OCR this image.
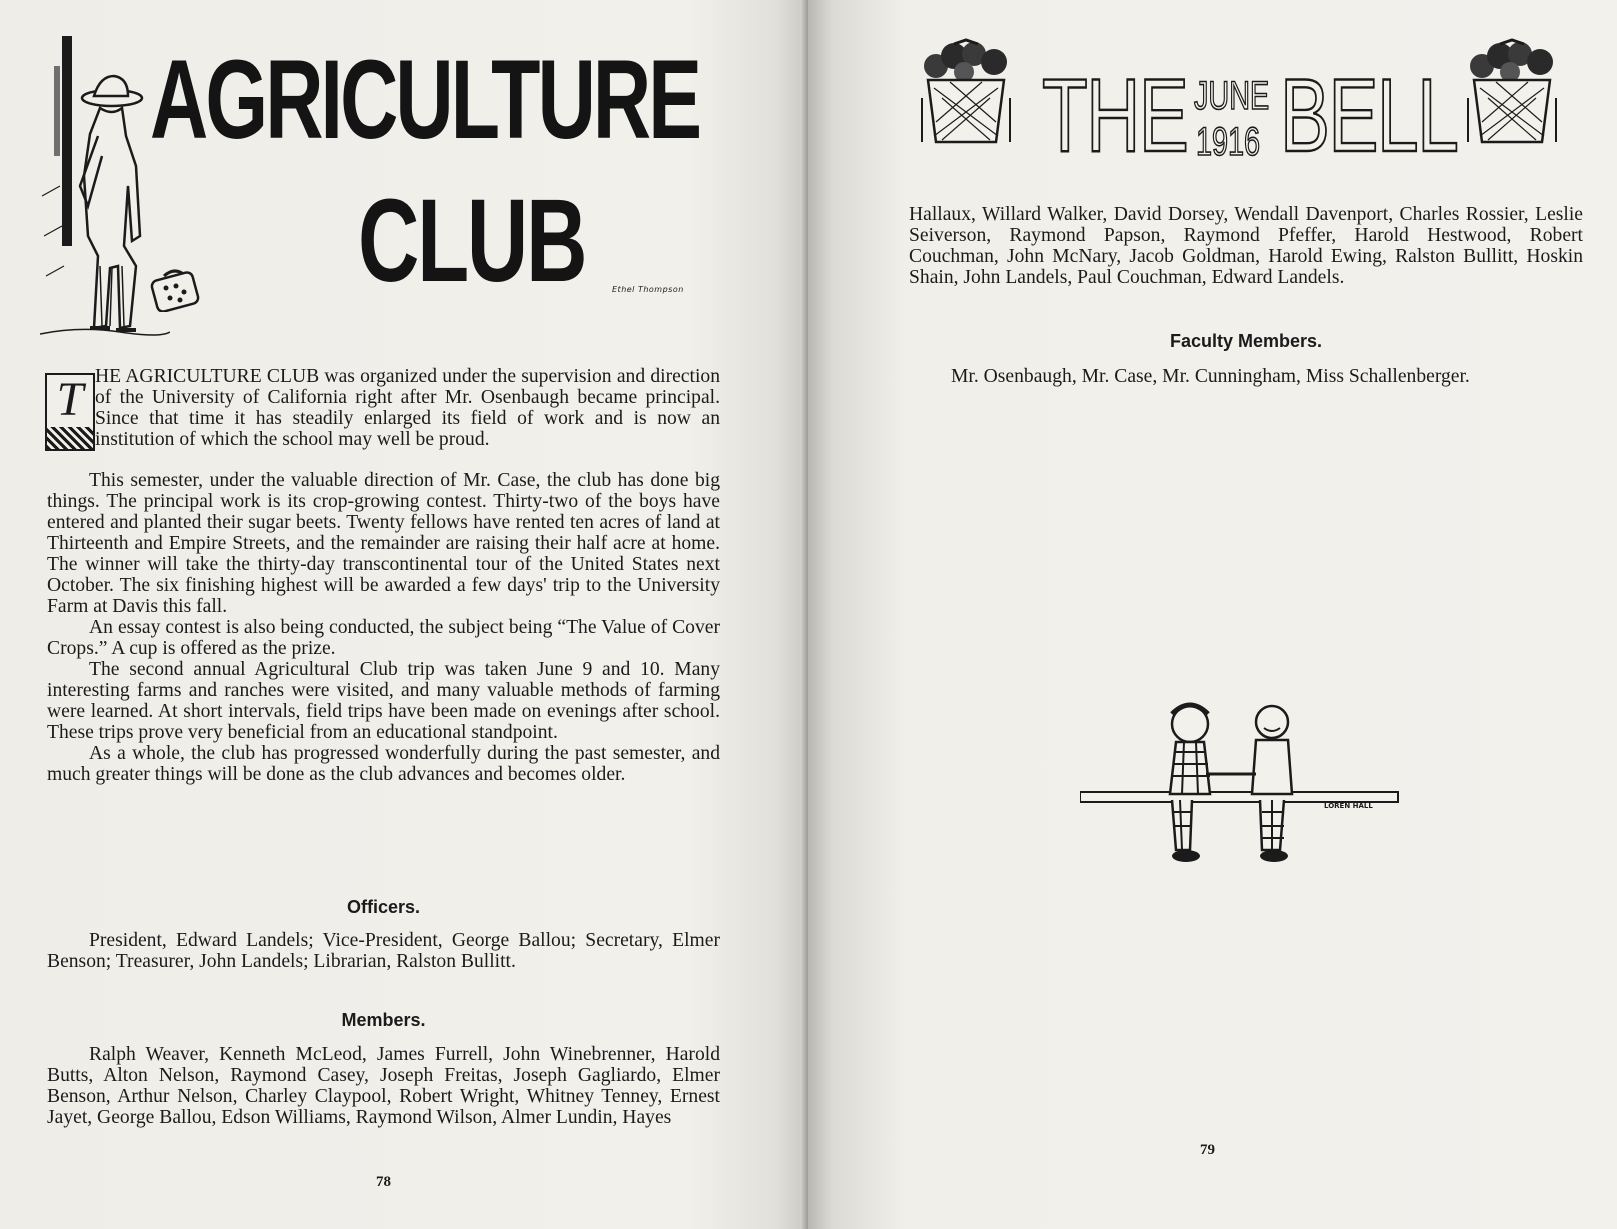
AGRICULTURE
CLUB	Ethel Thompson
T HE AGRICULTURE CLUB was organized under the supervision and direction of the University of California right after Mr. Osenbaugh became principal. Since that time it has steadily enlarged its field of work and is now an institution of which the school may well be proud.

This semester, under the valuable direction of Mr. Case, the club has done big things. The principal work is its crop-growing contest. Thirty-two of the boys have entered and planted their sugar beets. Twenty fellows have rented ten acres of land at Thirteenth and Empire Streets, and the remainder are raising their half acre at home. The winner will take the thirty-day transcontinental tour of the United States next October. The six finishing highest will be awarded a few days' trip to the University Farm at Davis this fall.

An essay contest is also being conducted, the subject being “The Value of Cover Crops.” A cup is offered as the prize.

The second annual Agricultural Club trip was taken June 9 and 10. Many interesting farms and ranches were visited, and many valuable methods of farming were learned. At short intervals, field trips have been made on evenings after school. These trips prove very beneficial from an educational standpoint.

As a whole, the club has progressed wonderfully during the past semester, and much greater things will be done as the club advances and becomes older.

Officers.

President, Edward Landels; Vice-President, George Ballou; Secretary, Elmer Benson; Treasurer, John Landels; Librarian, Ralston Bullitt.

Members.

Ralph Weaver, Kenneth McLeod, James Furrell, John Winebrenner, Harold Butts, Alton Nelson, Raymond Casey, Joseph Freitas, Joseph Gagliardo, Elmer Benson, Arthur Nelson, Charley Claypool, Robert Wright, Whitney Tenney, Ernest Jayet, George Ballou, Edson Williams, Raymond Wilson, Almer Lundin, Hayes

78
THE JUNE
1916 BELL

Hallaux, Willard Walker, David Dorsey, Wendall Davenport, Charles Rossier, Leslie Seiverson, Raymond Papson, Raymond Pfeffer, Harold Hestwood, Robert Couchman, John McNary, Jacob Goldman, Harold Ewing, Ralston Bullitt, Hoskin Shain, John Landels, Paul Couchman, Edward Landels.

Faculty Members.

Mr. Osenbaugh, Mr. Case, Mr. Cunningham, Miss Schallenberger.

LOREN HALL
79
